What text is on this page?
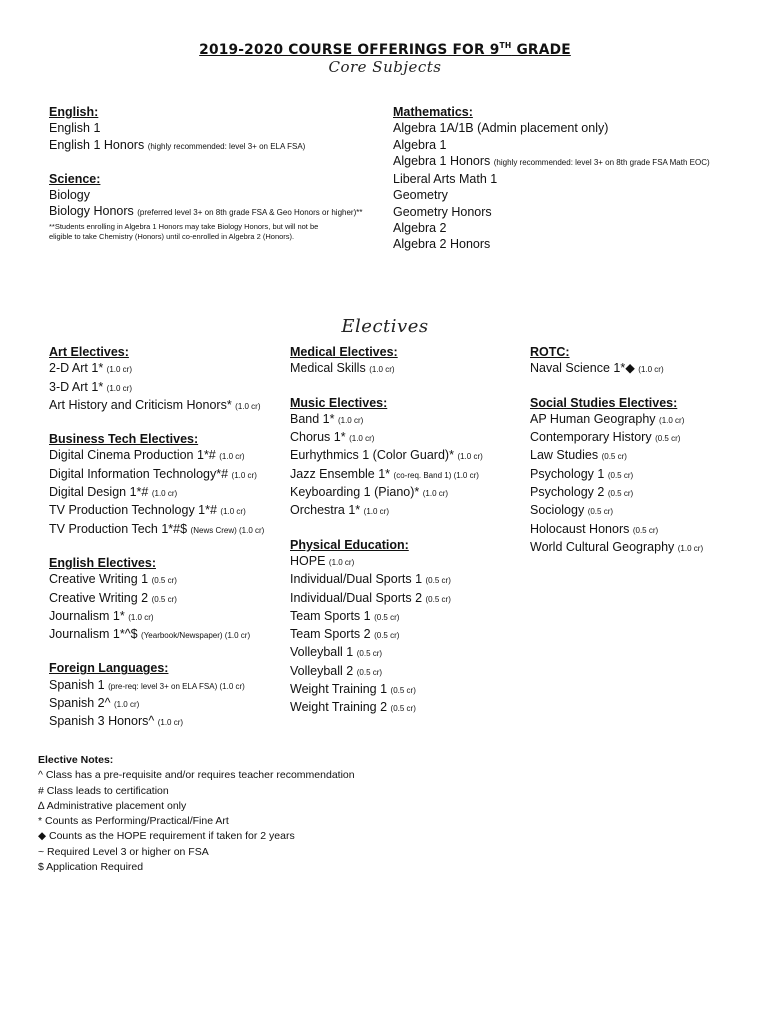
2019-2020 COURSE OFFERINGS FOR 9TH GRADE
Core Subjects
English:
English 1
English 1 Honors (highly recommended: level 3+ on ELA FSA)
Science:
Biology
Biology Honors (preferred level 3+ on 8th grade FSA & Geo Honors or higher)**
**Students enrolling in Algebra 1 Honors may take Biology Honors, but will not be
eligible to take Chemistry (Honors) until co-enrolled in Algebra 2 (Honors).
Mathematics:
Algebra 1A/1B (Admin placement only)
Algebra 1
Algebra 1 Honors (highly recommended: level 3+ on 8th grade FSA Math EOC)
Liberal Arts Math 1
Geometry
Geometry Honors
Algebra 2
Algebra 2 Honors
Electives
Art Electives:
2-D Art 1* (1.0 cr)
3-D Art 1* (1.0 cr)
Art History and Criticism Honors* (1.0 cr)
Business Tech Electives:
Digital Cinema Production 1*# (1.0 cr)
Digital Information Technology*# (1.0 cr)
Digital Design 1*# (1.0 cr)
TV Production Technology 1*# (1.0 cr)
TV Production Tech 1*#$ (News Crew) (1.0 cr)
English Electives:
Creative Writing 1 (0.5 cr)
Creative Writing 2 (0.5 cr)
Journalism 1* (1.0 cr)
Journalism 1*^$ (Yearbook/Newspaper) (1.0 cr)
Foreign Languages:
Spanish 1 (pre-req: level 3+ on ELA FSA) (1.0 cr)
Spanish 2^ (1.0 cr)
Spanish 3 Honors^ (1.0 cr)
Medical Electives:
Medical Skills (1.0 cr)
Music Electives:
Band 1* (1.0 cr)
Chorus 1* (1.0 cr)
Eurhythmics 1 (Color Guard)* (1.0 cr)
Jazz Ensemble 1* (co-req. Band 1) (1.0 cr)
Keyboarding 1 (Piano)* (1.0 cr)
Orchestra 1* (1.0 cr)
Physical Education:
HOPE (1.0 cr)
Individual/Dual Sports 1 (0.5 cr)
Individual/Dual Sports 2 (0.5 cr)
Team Sports 1 (0.5 cr)
Team Sports 2 (0.5 cr)
Volleyball 1 (0.5 cr)
Volleyball 2 (0.5 cr)
Weight Training 1 (0.5 cr)
Weight Training 2 (0.5 cr)
ROTC:
Naval Science 1*◆ (1.0 cr)
Social Studies Electives:
AP Human Geography (1.0 cr)
Contemporary History (0.5 cr)
Law Studies (0.5 cr)
Psychology 1 (0.5 cr)
Psychology 2 (0.5 cr)
Sociology (0.5 cr)
Holocaust Honors (0.5 cr)
World Cultural Geography (1.0 cr)
Elective Notes:
^ Class has a pre-requisite and/or requires teacher recommendation
# Class leads to certification
∆ Administrative placement only
* Counts as Performing/Practical/Fine Art
◆ Counts as the HOPE requirement if taken for 2 years
~ Required Level 3 or higher on FSA
$ Application Required
